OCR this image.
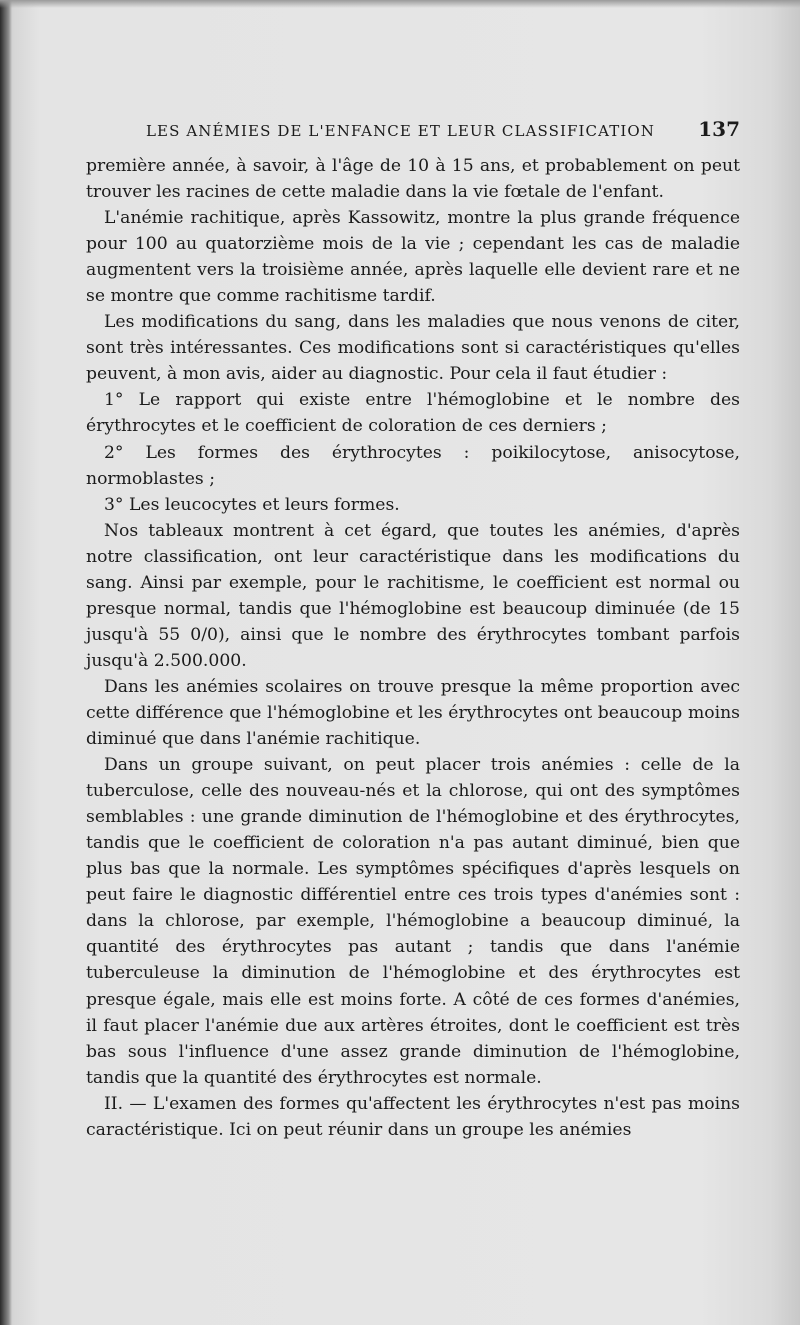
LES ANÉMIES DE L'ENFANCE ET LEUR CLASSIFICATION 137

première année, à savoir, à l'âge de 10 à 15 ans, et probablement on peut trouver les racines de cette maladie dans la vie fœtale de l'enfant.

L'anémie rachitique, après Kassowitz, montre la plus grande fréquence pour 100 au quatorzième mois de la vie ; cependant les cas de maladie augmentent vers la troisième année, après laquelle elle devient rare et ne se montre que comme rachitisme tardif.

Les modifications du sang, dans les maladies que nous venons de citer, sont très intéressantes. Ces modifications sont si caractéristiques qu'elles peuvent, à mon avis, aider au diagnostic. Pour cela il faut étudier :

1° Le rapport qui existe entre l'hémoglobine et le nombre des érythrocytes et le coefficient de coloration de ces derniers ;

2° Les formes des érythrocytes : poikilocytose, anisocytose, normoblastes ;

3° Les leucocytes et leurs formes.

Nos tableaux montrent à cet égard, que toutes les anémies, d'après notre classification, ont leur caractéristique dans les modifications du sang. Ainsi par exemple, pour le rachitisme, le coefficient est normal ou presque normal, tandis que l'hémoglobine est beaucoup diminuée (de 15 jusqu'à 55 0/0), ainsi que le nombre des érythrocytes tombant parfois jusqu'à 2.500.000.

Dans les anémies scolaires on trouve presque la même proportion avec cette différence que l'hémoglobine et les érythrocytes ont beaucoup moins diminué que dans l'anémie rachitique.

Dans un groupe suivant, on peut placer trois anémies : celle de la tuberculose, celle des nouveau-nés et la chlorose, qui ont des symptômes semblables : une grande diminution de l'hémoglobine et des érythrocytes, tandis que le coefficient de coloration n'a pas autant diminué, bien que plus bas que la normale. Les symptômes spécifiques d'après lesquels on peut faire le diagnostic différentiel entre ces trois types d'anémies sont : dans la chlorose, par exemple, l'hémoglobine a beaucoup diminué, la quantité des érythrocytes pas autant ; tandis que dans l'anémie tuberculeuse la diminution de l'hémoglobine et des érythrocytes est presque égale, mais elle est moins forte. A côté de ces formes d'anémies, il faut placer l'anémie due aux artères étroites, dont le coefficient est très bas sous l'influence d'une assez grande diminution de l'hémoglobine, tandis que la quantité des érythrocytes est normale.

II. — L'examen des formes qu'affectent les érythrocytes n'est pas moins caractéristique. Ici on peut réunir dans un groupe les anémies
